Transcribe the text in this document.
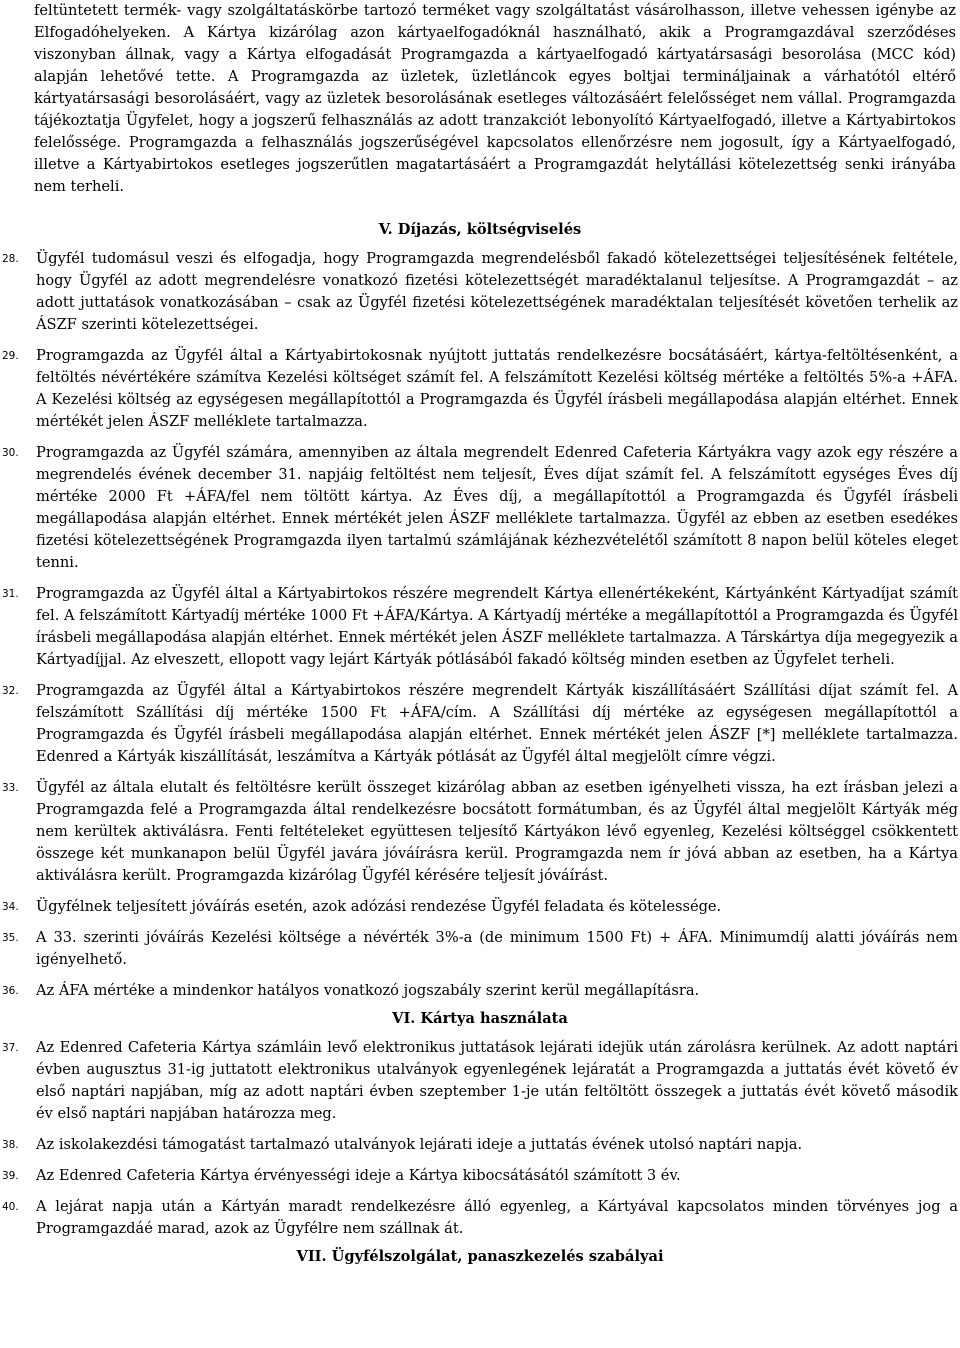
feltüntetett termék- vagy szolgáltatáskörbe tartozó terméket vagy szolgáltatást vásárolhasson, illetve vehessen igénybe az Elfogadóhelyeken. A Kártya kizárólag azon kártyaelfogadóknál használható, akik a Programgazdával szerződéses viszonyban állnak, vagy a Kártya elfogadását Programgazda a kártyaelfogadó kártyatársasági besorolása (MCC kód) alapján lehetővé tette. A Programgazda az üzletek, üzletláncok egyes boltjai termináljainak a várhatótól eltérő kártyatársasági besorolásáért, vagy az üzletek besorolásának esetleges változásáért felelősséget nem vállal. Programgazda tájékoztatja Ügyfelet, hogy a jogszerű felhasználás az adott tranzakciót lebonyolító Kártyaelfogadó, illetve a Kártyabirtokos felelőssége. Programgazda a felhasználás jogszerűségével kapcsolatos ellenőrzésre nem jogosult, így a Kártyaelfogadó, illetve a Kártyabirtokos esetleges jogszerűtlen magatartásáért a Programgazdát helytállási kötelezettség senki irányába nem terheli.

V. Díjazás, költségviselés
28. Ügyfél tudomásul veszi és elfogadja, hogy Programgazda megrendelésből fakadó kötelezettségei teljesítésének feltétele, hogy Ügyfél az adott megrendelésre vonatkozó fizetési kötelezettségét maradéktalanul teljesítse. A Programgazdát – az adott juttatások vonatkozásában – csak az Ügyfél fizetési kötelezettségének maradéktalan teljesítését követően terhelik az ÁSZF szerinti kötelezettségei.
29. Programgazda az Ügyfél által a Kártyabirtokosnak nyújtott juttatás rendelkezésre bocsátásáért, kártya-feltöltésenként, a feltöltés névértékére számítva Kezelési költséget számít fel. A felszámított Kezelési költség mértéke a feltöltés 5%-a +ÁFA. A Kezelési költség az egységesen megállapítottól a Programgazda és Ügyfél írásbeli megállapodása alapján eltérhet. Ennek mértékét jelen ÁSZF melléklete tartalmazza.
30. Programgazda az Ügyfél számára, amennyiben az általa megrendelt Edenred Cafeteria Kártyákra vagy azok egy részére a megrendelés évének december 31. napjáig feltöltést nem teljesít, Éves díjat számít fel. A felszámított egységes Éves díj mértéke 2000 Ft +ÁFA/fel nem töltött kártya. Az Éves díj, a megállapítottól a Programgazda és Ügyfél írásbeli megállapodása alapján eltérhet. Ennek mértékét jelen ÁSZF melléklete tartalmazza. Ügyfél az ebben az esetben esedékes fizetési kötelezettségének Programgazda ilyen tartalmú számlájának kézhezvételétől számított 8 napon belül köteles eleget tenni.
31. Programgazda az Ügyfél által a Kártyabirtokos részére megrendelt Kártya ellenértékeként, Kártyánként Kártyadíjat számít fel. A felszámított Kártyadíj mértéke 1000 Ft +ÁFA/Kártya. A Kártyadíj mértéke a megállapítottól a Programgazda és Ügyfél írásbeli megállapodása alapján eltérhet. Ennek mértékét jelen ÁSZF melléklete tartalmazza. A Társkártya díja megegyezik a Kártyadíjjal. Az elveszett, ellopott vagy lejárt Kártyák pótlásából fakadó költség minden esetben az Ügyfelet terheli.
32. Programgazda az Ügyfél által a Kártyabirtokos részére megrendelt Kártyák kiszállításáért Szállítási díjat számít fel. A felszámított Szállítási díj mértéke 1500 Ft +ÁFA/cím. A Szállítási díj mértéke az egységesen megállapítottól a Programgazda és Ügyfél írásbeli megállapodása alapján eltérhet. Ennek mértékét jelen ÁSZF [*] melléklete tartalmazza. Edenred a Kártyák kiszállítását, leszámítva a Kártyák pótlását az Ügyfél által megjelölt címre végzi.
33. Ügyfél az általa elutalt és feltöltésre került összeget kizárólag abban az esetben igényelheti vissza, ha ezt írásban jelezi a Programgazda felé a Programgazda által rendelkezésre bocsátott formátumban, és az Ügyfél által megjelölt Kártyák még nem kerültek aktiválásra. Fenti feltételeket együttesen teljesítő Kártyákon lévő egyenleg, Kezelési költséggel csökkentett összege két munkanapon belül Ügyfél javára jóváírásra kerül. Programgazda nem ír jóvá abban az esetben, ha a Kártya aktiválásra került. Programgazda kizárólag Ügyfél kérésére teljesít jóváírást.
34. Ügyfélnek teljesített jóváírás esetén, azok adózási rendezése Ügyfél feladata és kötelessége.
35. A 33. szerinti jóváírás Kezelési költsége a névérték 3%-a (de minimum 1500 Ft) + ÁFA. Minimumdíj alatti jóváírás nem igényelhető.
36. Az ÁFA mértéke a mindenkor hatályos vonatkozó jogszabály szerint kerül megállapításra.
VI. Kártya használata
37. Az Edenred Cafeteria Kártya számláin levő elektronikus juttatások lejárati idejük után zárolásra kerülnek. Az adott naptári évben augusztus 31-ig juttatott elektronikus utalványok egyenlegének lejáratát a Programgazda a juttatás évét követő év első naptári napjában, míg az adott naptári évben szeptember 1-je után feltöltött összegek a juttatás évét követő második év első naptári napjában határozza meg.
38. Az iskolakezdési támogatást tartalmazó utalványok lejárati ideje a juttatás évének utolsó naptári napja.
39. Az Edenred Cafeteria Kártya érvényességi ideje a Kártya kibocsátásától számított 3 év.
40. A lejárat napja után a Kártyán maradt rendelkezésre álló egyenleg, a Kártyával kapcsolatos minden törvényes jog a Programgazdáé marad, azok az Ügyfélre nem szállnak át.
VII. Ügyfélszolgálat, panaszkezelés szabályai
